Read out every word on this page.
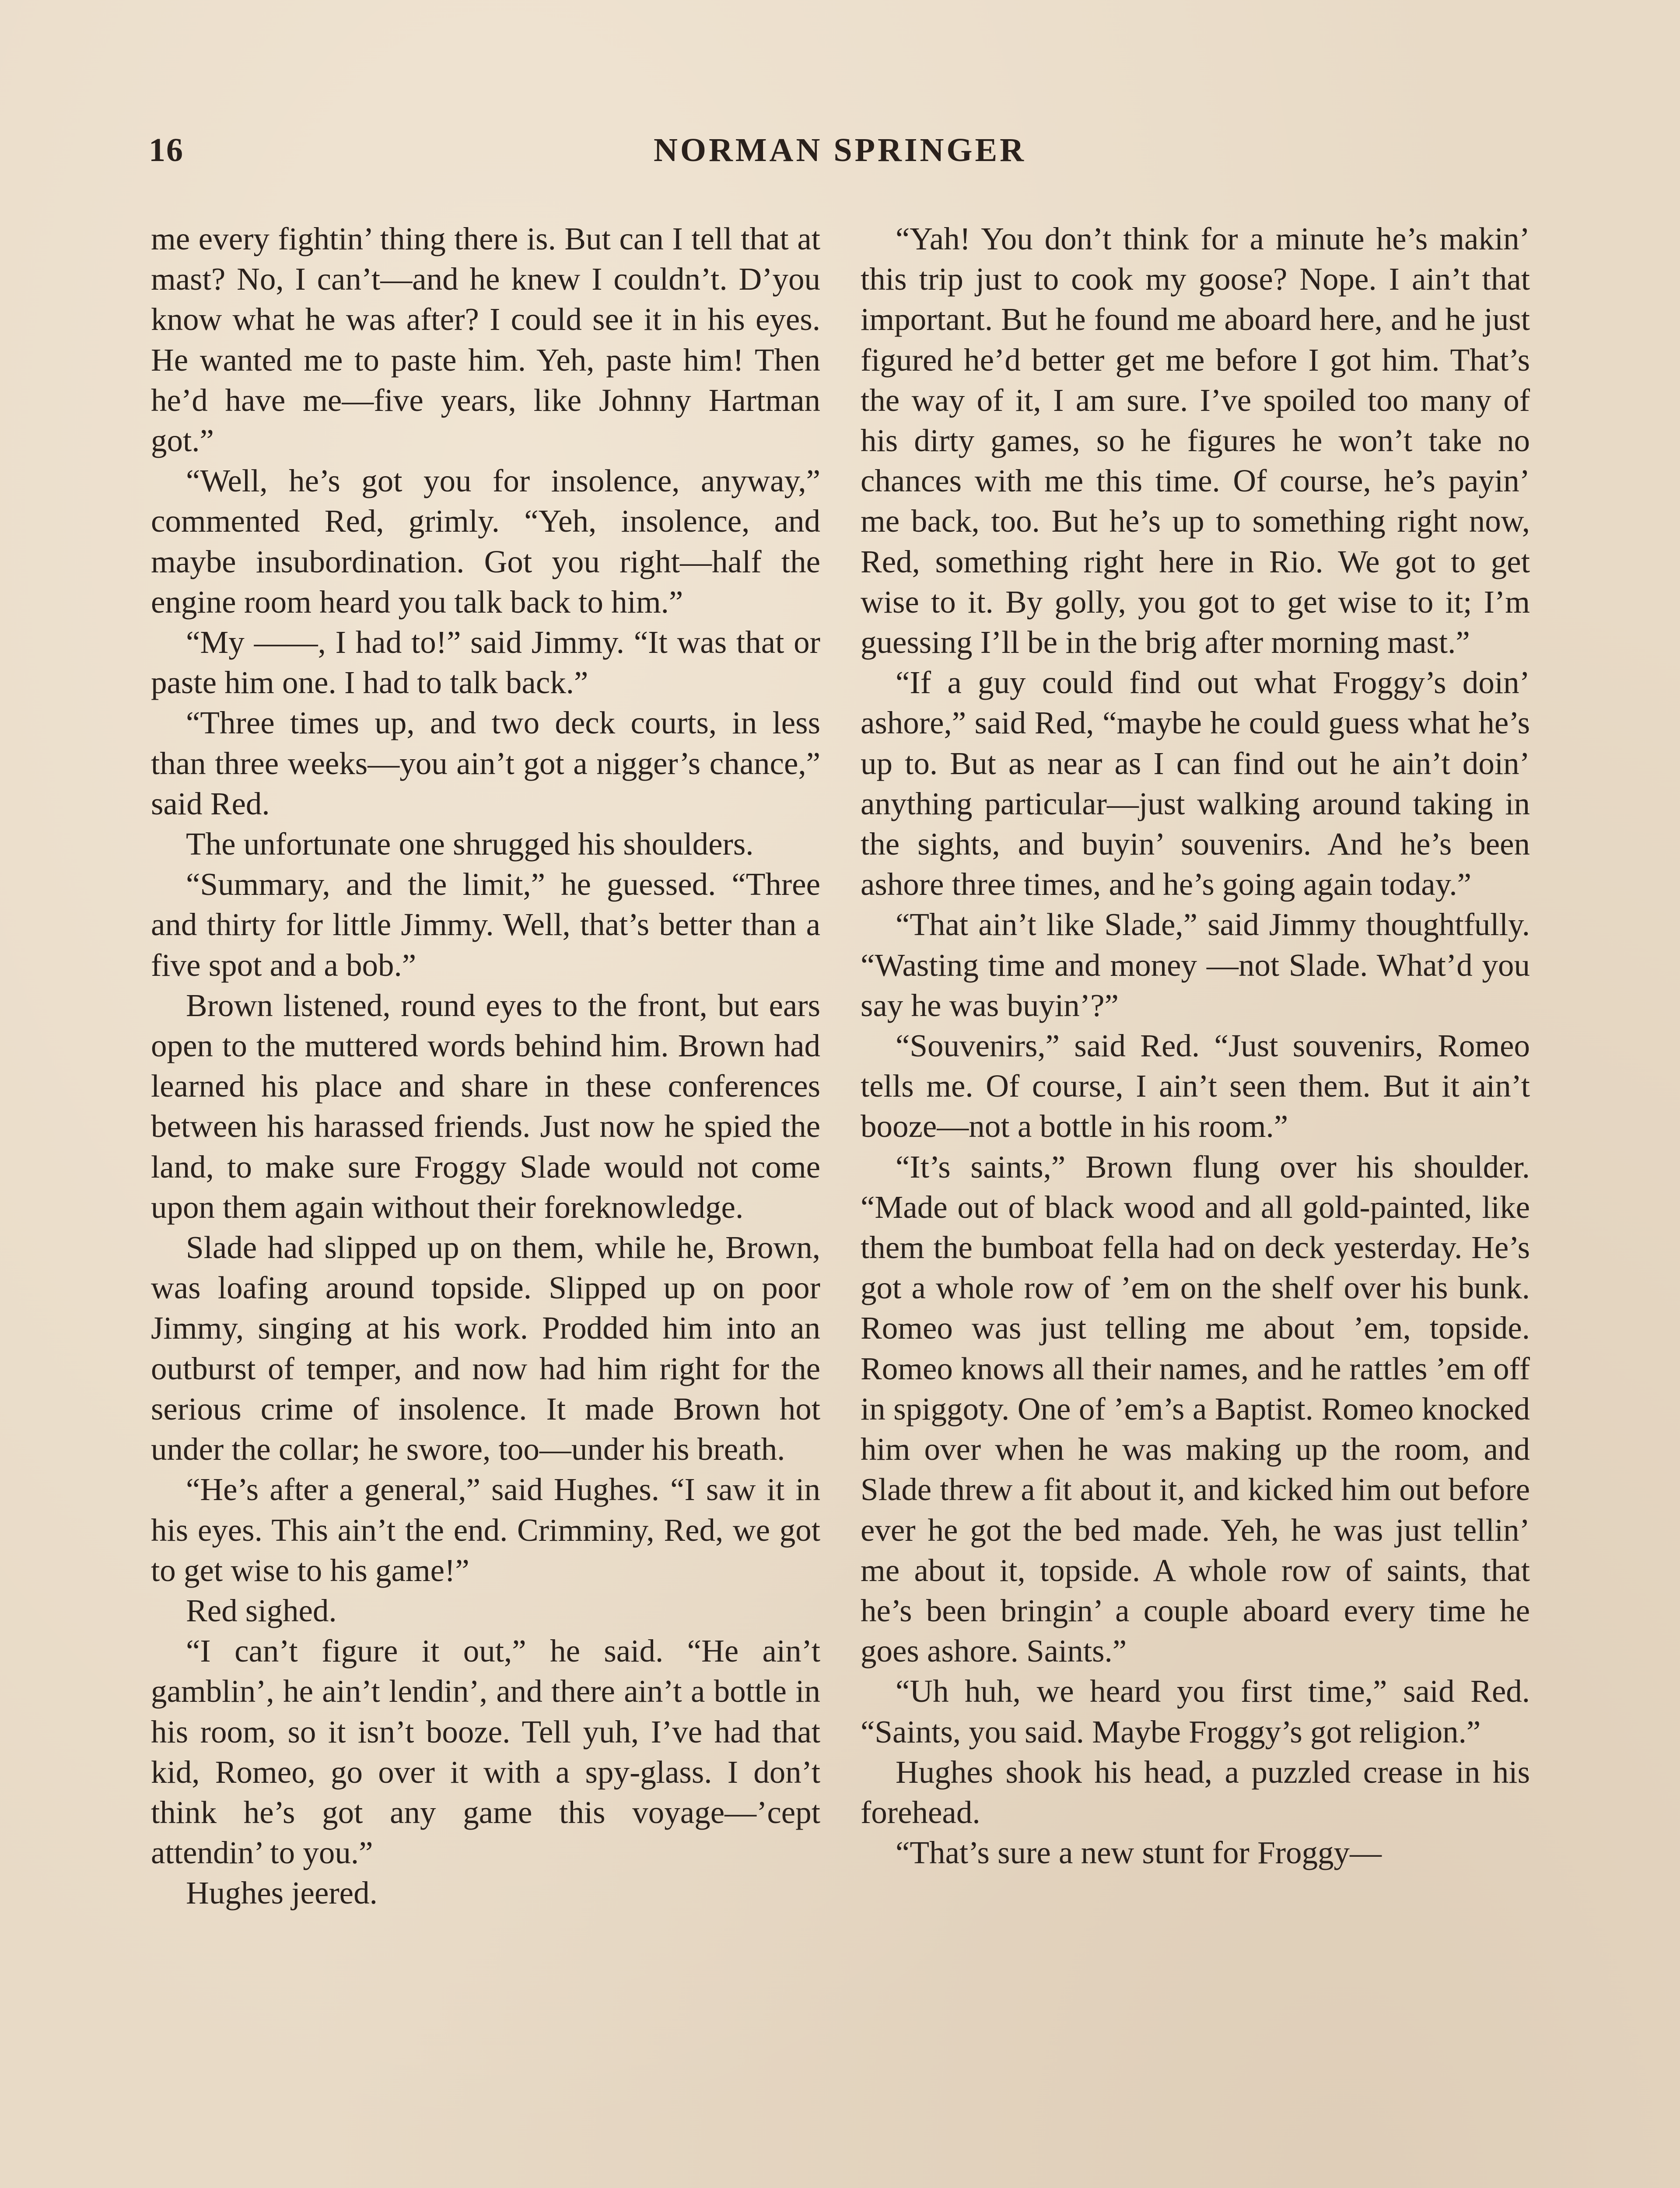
16	NORMAN SPRINGER

me every fightin’ thing there is. But can I tell that at mast? No, I can’t—and he knew I couldn’t. D’you know what he was after? I could see it in his eyes. He wanted me to paste him. Yeh, paste him! Then he’d have me—five years, like Johnny Hartman got.”

“Well, he’s got you for insolence, anyway,” commented Red, grimly. “Yeh, insolence, and maybe insubordination. Got you right—half the engine room heard you talk back to him.”

“My ——, I had to!” said Jimmy. “It was that or paste him one. I had to talk back.”

“Three times up, and two deck courts, in less than three weeks—you ain’t got a nigger’s chance,” said Red.

The unfortunate one shrugged his shoulders.

“Summary, and the limit,” he guessed. “Three and thirty for little Jimmy. Well, that’s better than a five spot and a bob.”

Brown listened, round eyes to the front, but ears open to the muttered words behind him. Brown had learned his place and share in these conferences between his harassed friends. Just now he spied the land, to make sure Froggy Slade would not come upon them again without their foreknowledge.

Slade had slipped up on them, while he, Brown, was loafing around topside. Slipped up on poor Jimmy, singing at his work. Prodded him into an outburst of temper, and now had him right for the serious crime of insolence. It made Brown hot under the collar; he swore, too—under his breath.

“He’s after a general,” said Hughes. “I saw it in his eyes. This ain’t the end. Crimminy, Red, we got to get wise to his game!”

Red sighed.

“I can’t figure it out,” he said. “He ain’t gamblin’, he ain’t lendin’, and there ain’t a bottle in his room, so it isn’t booze. Tell yuh, I’ve had that kid, Romeo, go over it with a spy-glass. I don’t think he’s got any game this voyage—’cept attendin’ to you.”

Hughes jeered.

“Yah! You don’t think for a minute he’s makin’ this trip just to cook my goose? Nope. I ain’t that important. But he found me aboard here, and he just figured he’d better get me before I got him. That’s the way of it, I am sure. I’ve spoiled too many of his dirty games, so he figures he won’t take no chances with me this time. Of course, he’s payin’ me back, too. But he’s up to something right now, Red, something right here in Rio. We got to get wise to it. By golly, you got to get wise to it; I’m guessing I’ll be in the brig after morning mast.”

“If a guy could find out what Froggy’s doin’ ashore,” said Red, “maybe he could guess what he’s up to. But as near as I can find out he ain’t doin’ anything particular—just walking around taking in the sights, and buyin’ souvenirs. And he’s been ashore three times, and he’s going again today.”

“That ain’t like Slade,” said Jimmy thoughtfully. “Wasting time and money —not Slade. What’d you say he was buyin’?”

“Souvenirs,” said Red. “Just souvenirs, Romeo tells me. Of course, I ain’t seen them. But it ain’t booze—not a bottle in his room.”

“It’s saints,” Brown flung over his shoulder. “Made out of black wood and all gold-painted, like them the bumboat fella had on deck yesterday. He’s got a whole row of ’em on the shelf over his bunk. Romeo was just telling me about ’em, topside. Romeo knows all their names, and he rattles ’em off in spiggoty. One of ’em’s a Baptist. Romeo knocked him over when he was making up the room, and Slade threw a fit about it, and kicked him out before ever he got the bed made. Yeh, he was just tellin’ me about it, topside. A whole row of saints, that he’s been bringin’ a couple aboard every time he goes ashore. Saints.”

“Uh huh, we heard you first time,” said Red. “Saints, you said. Maybe Froggy’s got religion.”

Hughes shook his head, a puzzled crease in his forehead.

“That’s sure a new stunt for Froggy—
